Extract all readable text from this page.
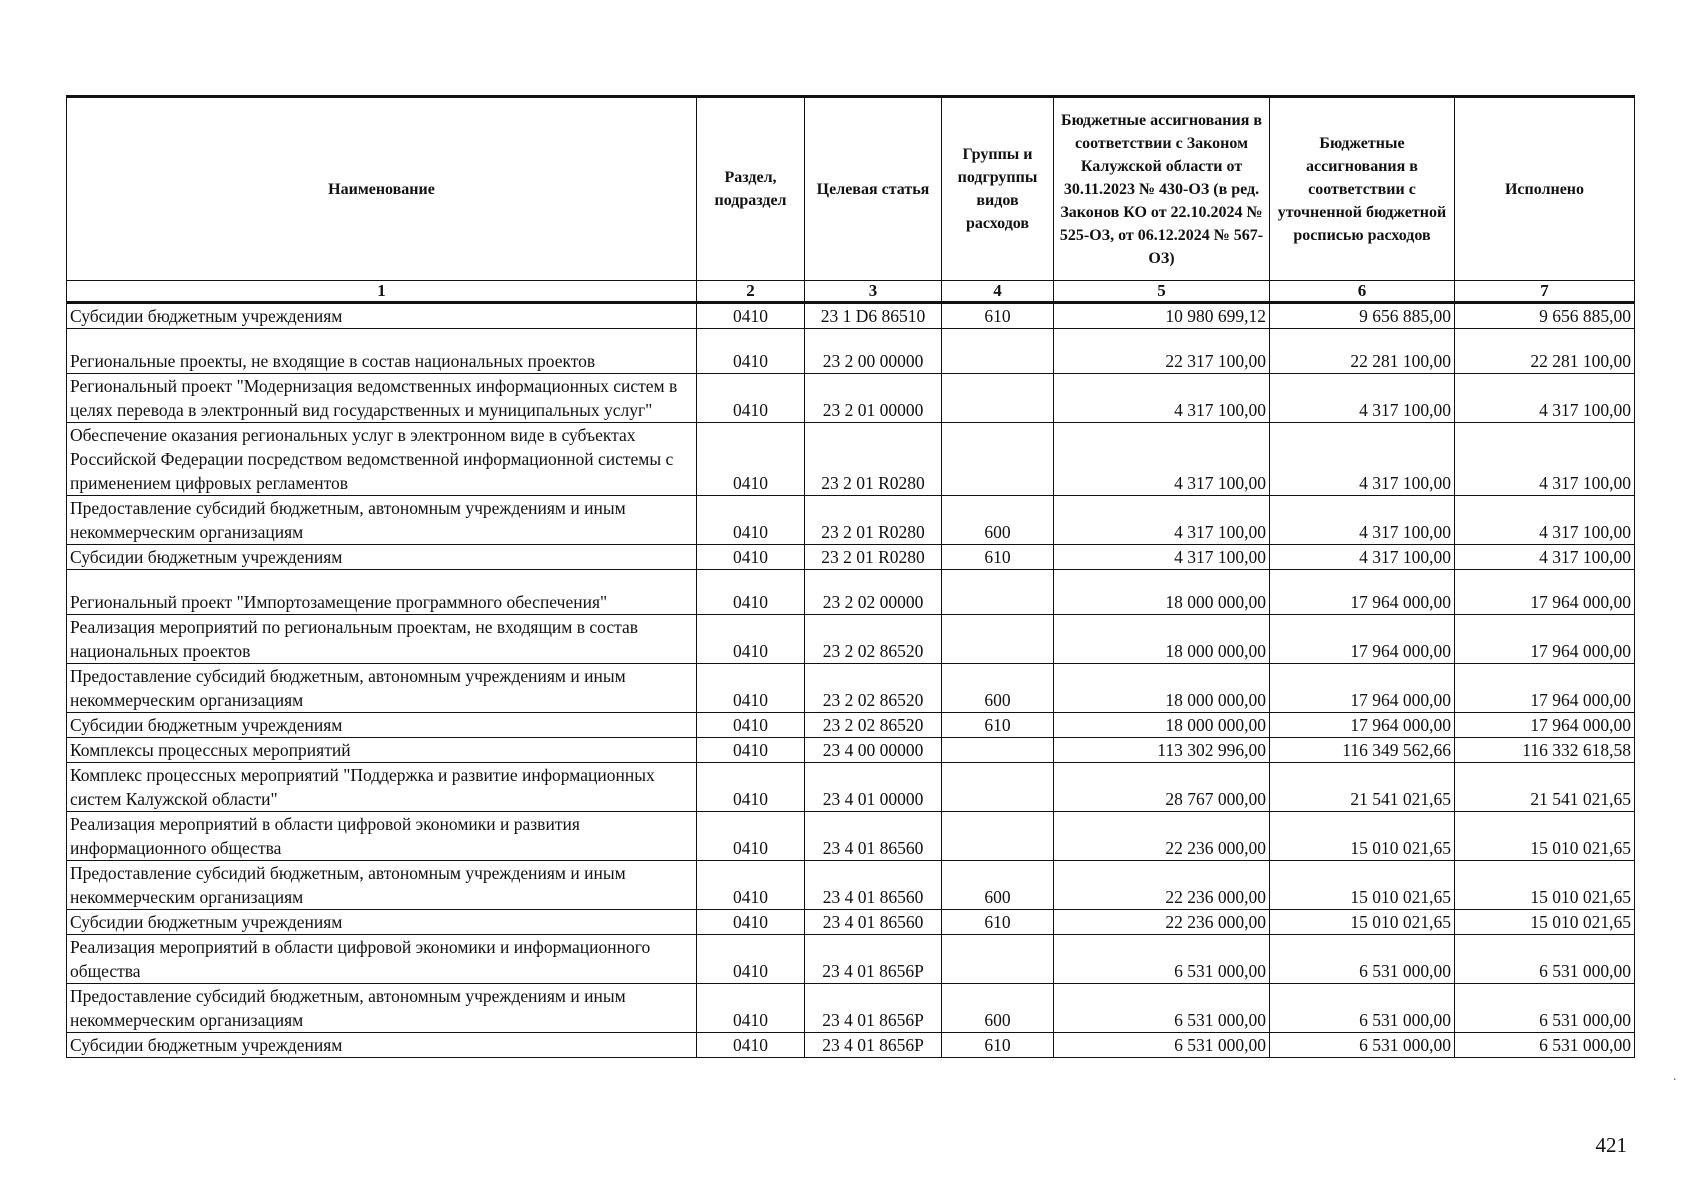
Наименование	Раздел, подраздел	Целевая статья	Группы и подгруппы видов расходов	Бюджетные ассигнования в соответствии с Законом Калужской области от 30.11.2023 № 430-ОЗ (в ред. Законов КО от 22.10.2024 № 525-ОЗ, от 06.12.2024 № 567-ОЗ)	Бюджетные ассигнования в соответствии с уточненной бюджетной росписью расходов	Исполнено
1	2	3	4	5	6	7
Субсидии бюджетным учреждениям	0410	23 1 D6 86510	610	10 980 699,12	9 656 885,00	9 656 885,00
Региональные проекты, не входящие в состав национальных проектов	0410	23 2 00 00000		22 317 100,00	22 281 100,00	22 281 100,00
Региональный проект "Модернизация ведомственных информационных систем в целях перевода в электронный вид государственных и муниципальных услуг"	0410	23 2 01 00000		4 317 100,00	4 317 100,00	4 317 100,00
Обеспечение оказания региональных услуг в электронном виде в субъектах Российской Федерации посредством ведомственной информационной системы с применением цифровых регламентов	0410	23 2 01 R0280		4 317 100,00	4 317 100,00	4 317 100,00
Предоставление субсидий бюджетным, автономным учреждениям и иным некоммерческим организациям	0410	23 2 01 R0280	600	4 317 100,00	4 317 100,00	4 317 100,00
Субсидии бюджетным учреждениям	0410	23 2 01 R0280	610	4 317 100,00	4 317 100,00	4 317 100,00
Региональный проект "Импортозамещение программного обеспечения"	0410	23 2 02 00000		18 000 000,00	17 964 000,00	17 964 000,00
Реализация мероприятий по региональным проектам, не входящим в состав национальных проектов	0410	23 2 02 86520		18 000 000,00	17 964 000,00	17 964 000,00
Предоставление субсидий бюджетным, автономным учреждениям и иным некоммерческим организациям	0410	23 2 02 86520	600	18 000 000,00	17 964 000,00	17 964 000,00
Субсидии бюджетным учреждениям	0410	23 2 02 86520	610	18 000 000,00	17 964 000,00	17 964 000,00
Комплексы процессных мероприятий	0410	23 4 00 00000		113 302 996,00	116 349 562,66	116 332 618,58
Комплекс процессных мероприятий "Поддержка и развитие информационных систем Калужской области"	0410	23 4 01 00000		28 767 000,00	21 541 021,65	21 541 021,65
Реализация мероприятий в области цифровой экономики и развития информационного общества	0410	23 4 01 86560		22 236 000,00	15 010 021,65	15 010 021,65
Предоставление субсидий бюджетным, автономным учреждениям и иным некоммерческим организациям	0410	23 4 01 86560	600	22 236 000,00	15 010 021,65	15 010 021,65
Субсидии бюджетным учреждениям	0410	23 4 01 86560	610	22 236 000,00	15 010 021,65	15 010 021,65
Реализация мероприятий в области цифровой экономики и информационного общества	0410	23 4 01 8656P		6 531 000,00	6 531 000,00	6 531 000,00
Предоставление субсидий бюджетным, автономным учреждениям и иным некоммерческим организациям	0410	23 4 01 8656P	600	6 531 000,00	6 531 000,00	6 531 000,00
Субсидии бюджетным учреждениям	0410	23 4 01 8656P	610	6 531 000,00	6 531 000,00	6 531 000,00
421
·
